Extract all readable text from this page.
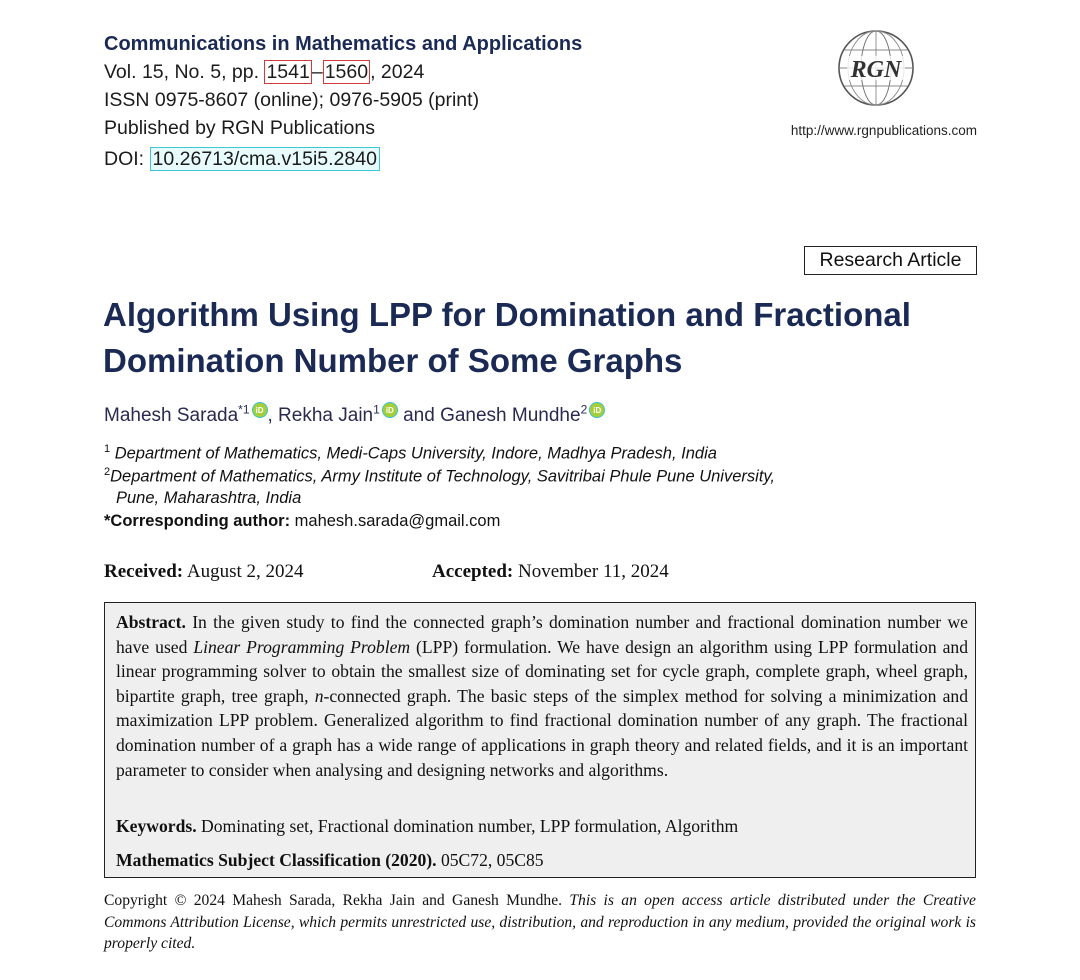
Communications in Mathematics and Applications
Vol. 15, No. 5, pp. 1541 – 1560 , 2024
ISSN 0975-8607 (online); 0976-5905 (print)
Published by RGN Publications
DOI: 10.26713/cma.v15i5.2840
RGN
http://www.rgnpublications.com
Research Article
Algorithm Using LPP for Domination and Fractional
Domination Number of Some Graphs
Mahesh Sarada$^{*1}$ iD , Rekha Jain$^1$ iD and Ganesh Mundhe$^2$ iD
$^1$ Department of Mathematics, Medi-Caps University, Indore, Madhya Pradesh, India
$^2$Department of Mathematics, Army Institute of Technology, Savitribai Phule Pune University,
Pune, Maharashtra, India
*Corresponding author: mahesh.sarada@gmail.com
Received: August 2, 2024	Accepted: November 11, 2024
Abstract. In the given study to find the connected graph’s domination number and fractional domination number we have used Linear Programming Problem (LPP) formulation. We have design an algorithm using LPP formulation and linear programming solver to obtain the smallest size of dominating set for cycle graph, complete graph, wheel graph, bipartite graph, tree graph, n-connected graph. The basic steps of the simplex method for solving a minimization and maximization LPP problem. Generalized algorithm to find fractional domination number of any graph. The fractional domination number of a graph has a wide range of applications in graph theory and related fields, and it is an important parameter to consider when analysing and designing networks and algorithms.
Keywords. Dominating set, Fractional domination number, LPP formulation, Algorithm
Mathematics Subject Classification (2020). 05C72, 05C85
Copyright © 2024 Mahesh Sarada, Rekha Jain and Ganesh Mundhe. This is an open access article distributed under the Creative Commons Attribution License, which permits unrestricted use, distribution, and reproduction in any medium, provided the original work is properly cited.
